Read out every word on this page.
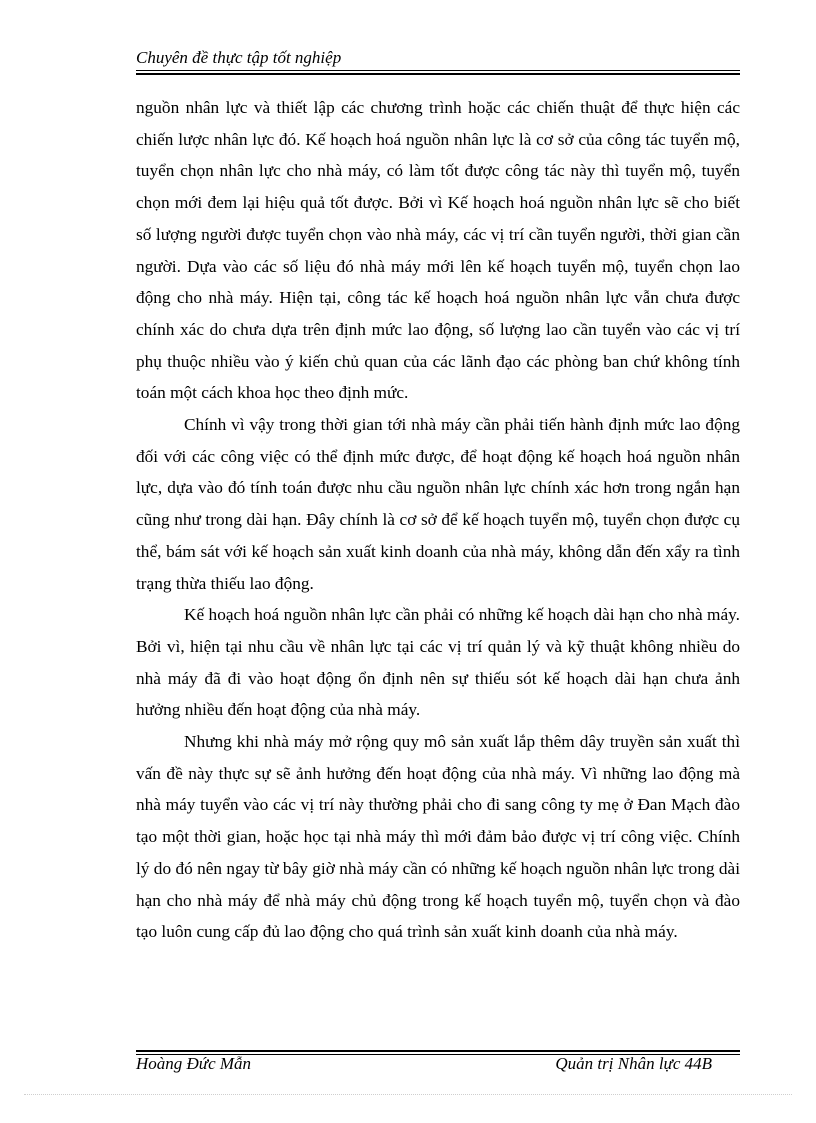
Chuyên đề thực tập tốt nghiệp

nguồn nhân lực và thiết lập các chương trình hoặc các chiến thuật để thực hiện các chiến lược nhân lực đó. Kế hoạch hoá nguồn nhân lực là cơ sở của công tác tuyển mộ, tuyển chọn nhân lực cho nhà máy, có làm tốt được công tác này thì tuyển mộ, tuyển chọn mới đem lại hiệu quả tốt được. Bởi vì Kế hoạch hoá nguồn nhân lực sẽ cho biết số lượng người được tuyển chọn vào nhà máy, các vị trí cần tuyển người, thời gian cần người. Dựa vào các số liệu đó nhà máy mới lên kế hoạch tuyển mộ, tuyển chọn lao động cho nhà máy. Hiện tại, công tác kế hoạch hoá nguồn nhân lực vẫn chưa được chính xác do chưa dựa trên định mức lao động, số lượng lao cần tuyển vào các vị trí phụ thuộc nhiều vào ý kiến chủ quan của các lãnh đạo các phòng ban chứ không tính toán một cách khoa học theo định mức.

Chính vì vậy trong thời gian tới nhà máy cần phải tiến hành định mức lao động đối với các công việc có thể định mức được, để hoạt động kế hoạch hoá nguồn nhân lực, dựa vào đó tính toán được nhu cầu nguồn nhân lực chính xác hơn trong ngắn hạn cũng như trong dài hạn. Đây chính là cơ sở để kế hoạch tuyển mộ, tuyển chọn được cụ thể, bám sát với kế hoạch sản xuất kinh doanh của nhà máy, không dẫn đến xẩy ra tình trạng thừa thiếu lao động.

Kế hoạch hoá nguồn nhân lực cần phải có những kế hoạch dài hạn cho nhà máy. Bởi vì, hiện tại nhu cầu về nhân lực tại các vị trí quản lý và kỹ thuật không nhiều do nhà máy đã đi vào hoạt động ổn định nên sự thiếu sót kế hoạch dài hạn chưa ảnh hưởng nhiều đến hoạt động của nhà máy.

Nhưng khi nhà máy mở rộng quy mô sản xuất lắp thêm dây truyền sản xuất thì vấn đề này thực sự sẽ ảnh hưởng đến hoạt động của nhà máy. Vì những lao động mà nhà máy tuyển vào các vị trí này thường phải cho đi sang công ty mẹ ở Đan Mạch đào tạo một thời gian, hoặc học tại nhà máy thì mới đảm bảo được vị trí công việc. Chính lý do đó nên ngay từ bây giờ nhà máy cần có những kế hoạch nguồn nhân lực trong dài hạn cho nhà máy để nhà máy chủ động trong kế hoạch tuyển mộ, tuyển chọn và đào tạo luôn cung cấp đủ lao động cho quá trình sản xuất kinh doanh của nhà máy.

Hoàng Đức Mẫn	Quản trị Nhân lực 44B
